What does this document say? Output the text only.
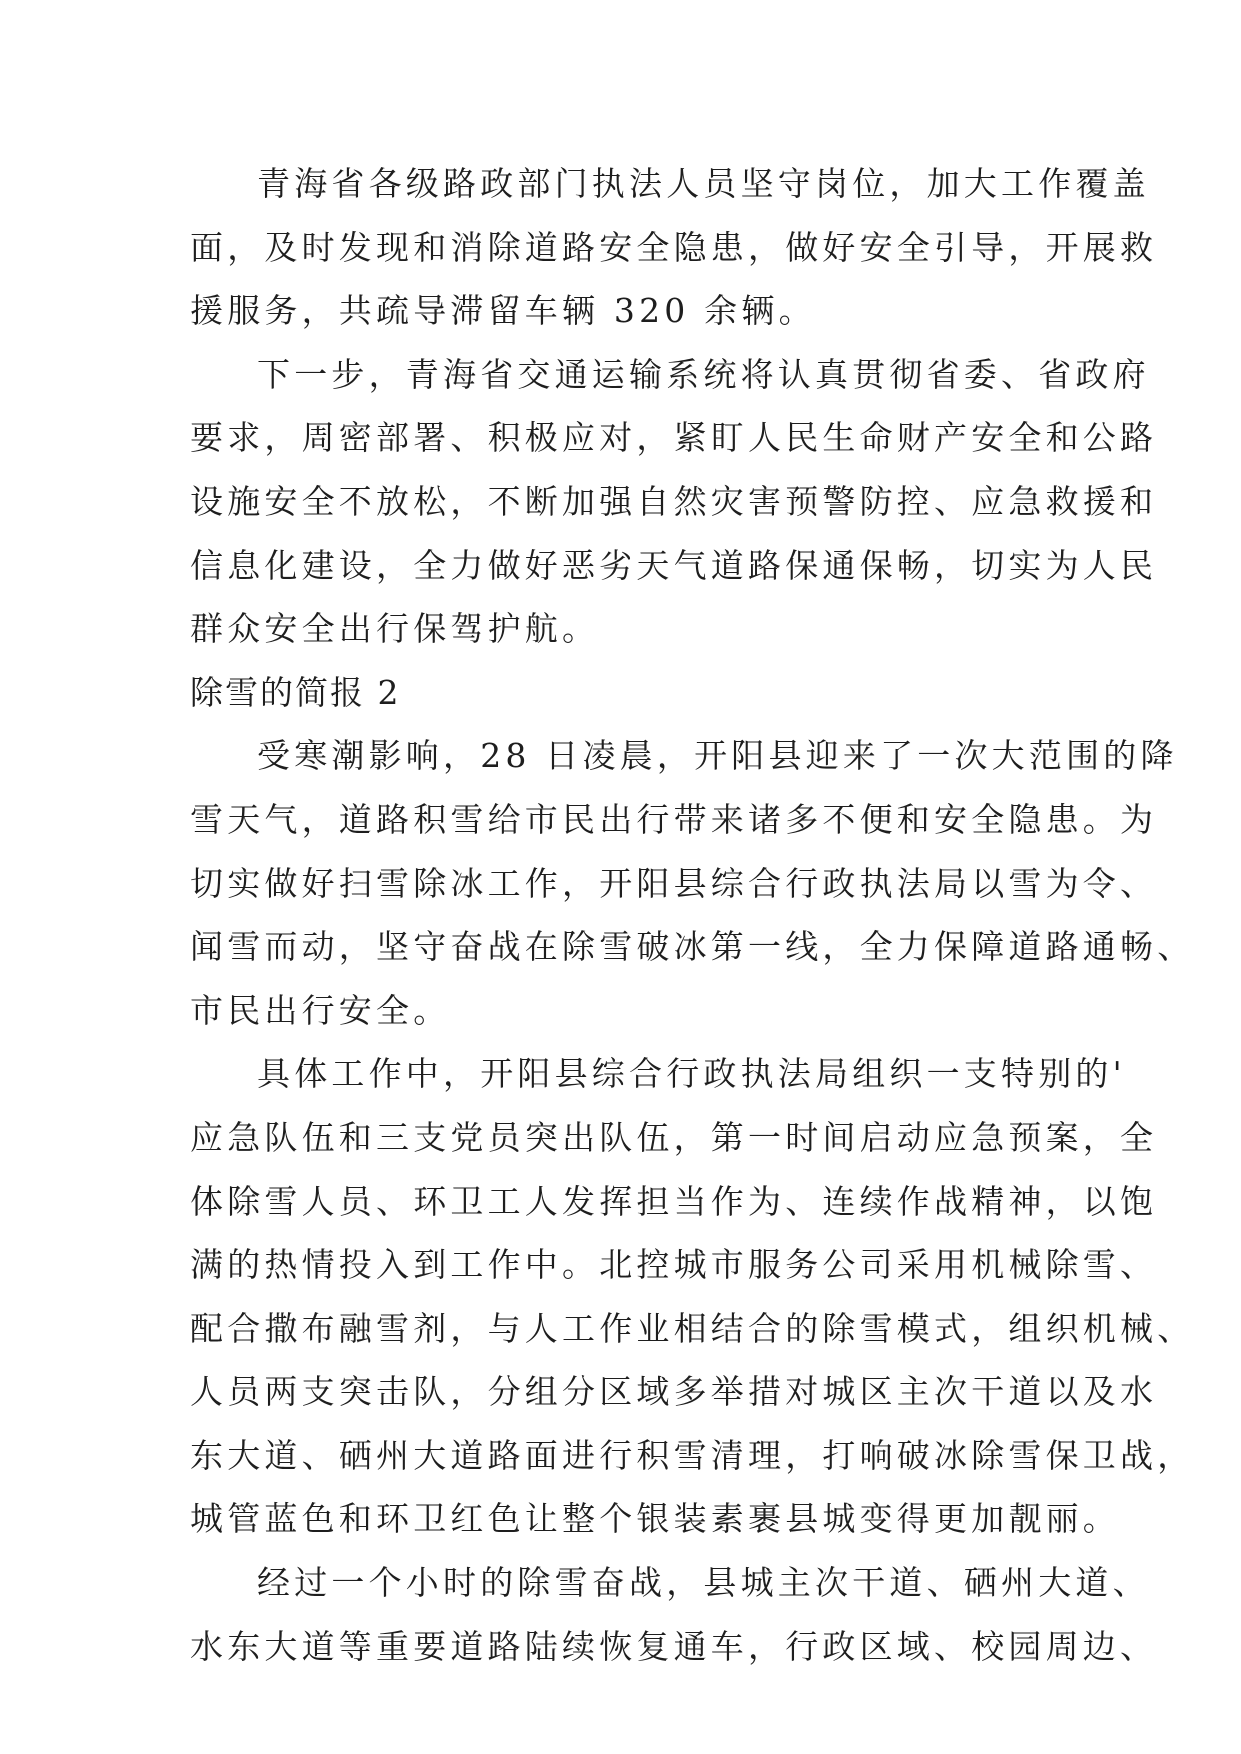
青海省各级路政部门执法人员坚守岗位，加大工作覆盖
面，及时发现和消除道路安全隐患，做好安全引导，开展救
援服务，共疏导滞留车辆 320 余辆。
下一步，青海省交通运输系统将认真贯彻省委、省政府
要求，周密部署、积极应对，紧盯人民生命财产安全和公路
设施安全不放松，不断加强自然灾害预警防控、应急救援和
信息化建设，全力做好恶劣天气道路保通保畅，切实为人民
群众安全出行保驾护航。
除雪的简报 2
受寒潮影响，28 日凌晨，开阳县迎来了一次大范围的降
雪天气，道路积雪给市民出行带来诸多不便和安全隐患。为
切实做好扫雪除冰工作，开阳县综合行政执法局以雪为令、
闻雪而动，坚守奋战在除雪破冰第一线，全力保障道路通畅、
市民出行安全。
具体工作中，开阳县综合行政执法局组织一支特别的'
应急队伍和三支党员突出队伍，第一时间启动应急预案，全
体除雪人员、环卫工人发挥担当作为、连续作战精神，以饱
满的热情投入到工作中。北控城市服务公司采用机械除雪、
配合撒布融雪剂，与人工作业相结合的除雪模式，组织机械、
人员两支突击队，分组分区域多举措对城区主次干道以及水
东大道、硒州大道路面进行积雪清理，打响破冰除雪保卫战，
城管蓝色和环卫红色让整个银装素裹县城变得更加靓丽。
经过一个小时的除雪奋战，县城主次干道、硒州大道、
水东大道等重要道路陆续恢复通车，行政区域、校园周边、
